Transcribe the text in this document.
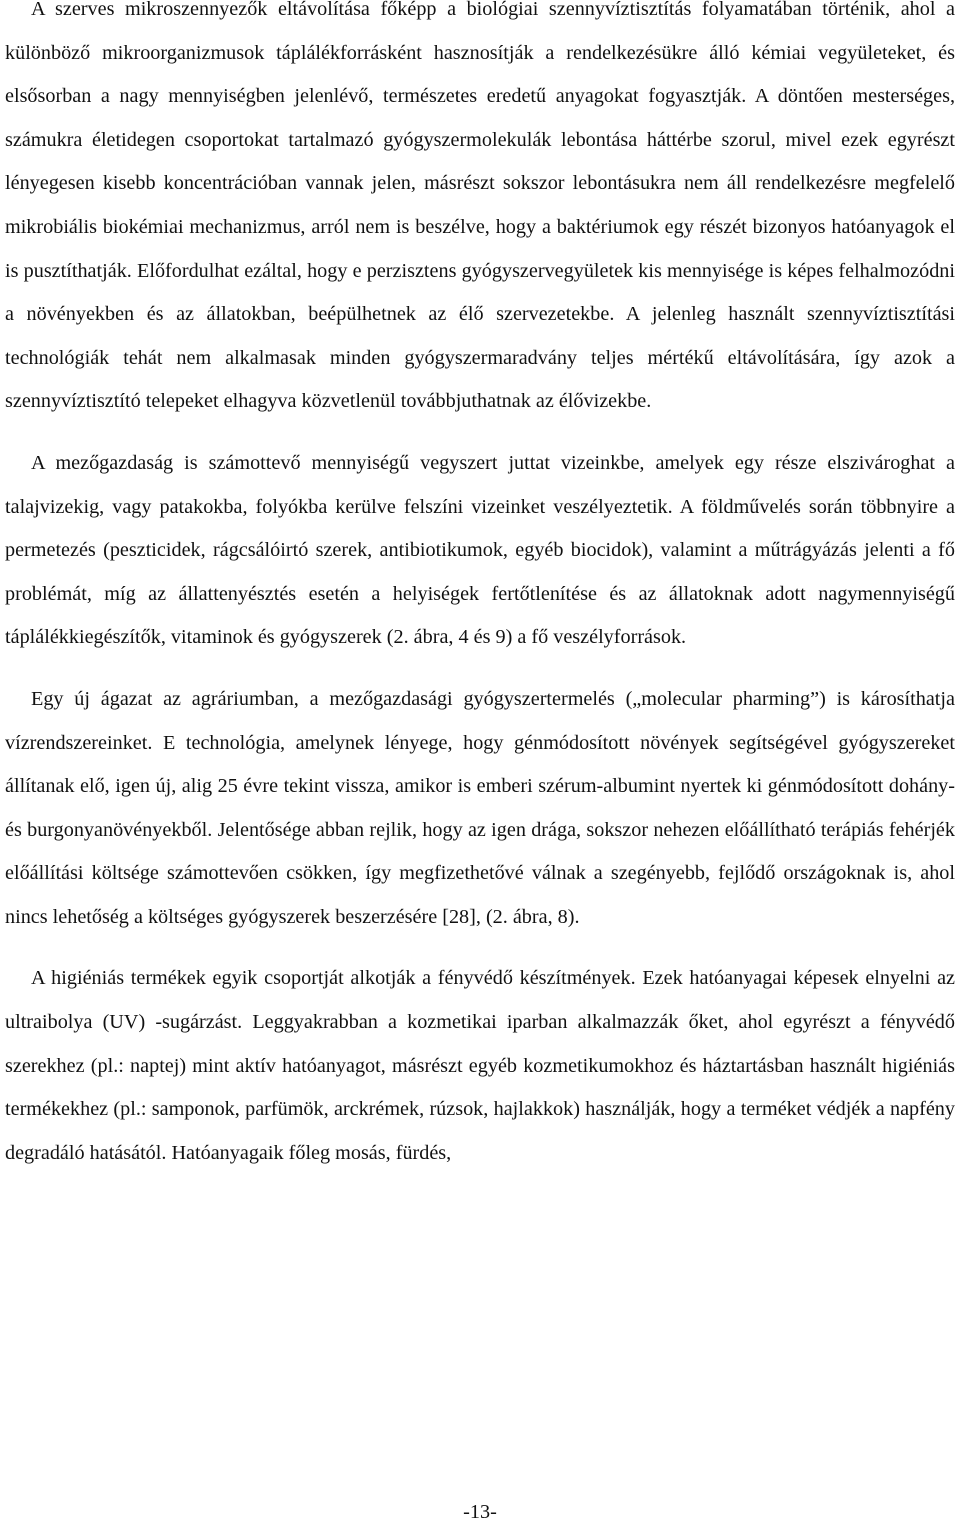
A szerves mikroszennyezők eltávolítása főképp a biológiai szennyvíztisztítás folyamatában történik, ahol a különböző mikroorganizmusok táplálékforrásként hasznosítják a rendelkezésükre álló kémiai vegyületeket, és elsősorban a nagy mennyiségben jelenlévő, természetes eredetű anyagokat fogyasztják. A döntően mesterséges, számukra életidegen csoportokat tartalmazó gyógyszermolekulák lebontása háttérbe szorul, mivel ezek egyrészt lényegesen kisebb koncentrációban vannak jelen, másrészt sokszor lebontásukra nem áll rendelkezésre megfelelő mikrobiális biokémiai mechanizmus, arról nem is beszélve, hogy a baktériumok egy részét bizonyos hatóanyagok el is pusztíthatják. Előfordulhat ezáltal, hogy e perzisztens gyógyszervegyületek kis mennyisége is képes felhalmozódni a növényekben és az állatokban, beépülhetnek az élő szervezetekbe. A jelenleg használt szennyvíztisztítási technológiák tehát nem alkalmasak minden gyógyszermaradvány teljes mértékű eltávolítására, így azok a szennyvíztisztító telepeket elhagyva közvetlenül továbbjuthatnak az élővizekbe.

A mezőgazdaság is számottevő mennyiségű vegyszert juttat vizeinkbe, amelyek egy része elszivároghat a talajvizekig, vagy patakokba, folyókba kerülve felszíni vizeinket veszélyeztetik. A földművelés során többnyire a permetezés (peszticidek, rágcsálóirtó szerek, antibiotikumok, egyéb biocidok), valamint a műtrágyázás jelenti a fő problémát, míg az állattenyésztés esetén a helyiségek fertőtlenítése és az állatoknak adott nagymennyiségű táplálékkiegészítők, vitaminok és gyógyszerek (2. ábra, 4 és 9) a fő veszélyforrások.

Egy új ágazat az agráriumban, a mezőgazdasági gyógyszertermelés („molecular pharming”) is károsíthatja vízrendszereinket. E technológia, amelynek lényege, hogy génmódosított növények segítségével gyógyszereket állítanak elő, igen új, alig 25 évre tekint vissza, amikor is emberi szérum-albumint nyertek ki génmódosított dohány- és burgonyanövényekből. Jelentősége abban rejlik, hogy az igen drága, sokszor nehezen előállítható terápiás fehérjék előállítási költsége számottevően csökken, így megfizethetővé válnak a szegényebb, fejlődő országoknak is, ahol nincs lehetőség a költséges gyógyszerek beszerzésére [28], (2. ábra, 8).

A higiéniás termékek egyik csoportját alkotják a fényvédő készítmények. Ezek hatóanyagai képesek elnyelni az ultraibolya (UV) -sugárzást. Leggyakrabban a kozmetikai iparban alkalmazzák őket, ahol egyrészt a fényvédő szerekhez (pl.: naptej) mint aktív hatóanyagot, másrészt egyéb kozmetikumokhoz és háztartásban használt higiéniás termékekhez (pl.: samponok, parfümök, arckrémek, rúzsok, hajlakkok) használják, hogy a terméket védjék a napfény degradáló hatásától. Hatóanyagaik főleg mosás, fürdés,

-13-
